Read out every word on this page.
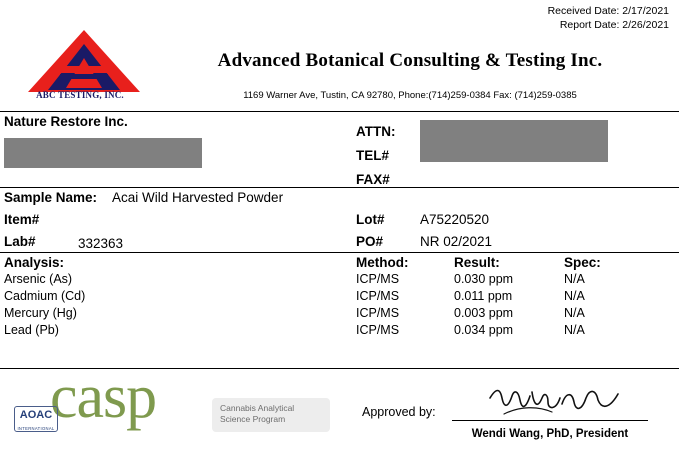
Received Date: 2/17/2021
Report Date: 2/26/2021
ABC TESTING, INC.
Advanced Botanical Consulting & Testing Inc.
1169 Warner Ave, Tustin, CA 92780, Phone:(714)259-0384 Fax: (714)259-0385
Nature Restore Inc.
ATTN:
TEL#
FAX#
Sample Name: Acai Wild Harvested Powder
Item#
Lab#	332363
Lot#	A75220520
PO#	NR 02/2021
Analysis:	Method:	Result:	Spec:
Arsenic (As)	ICP/MS	0.030 ppm	N/A
Cadmium (Cd)	ICP/MS	0.011 ppm	N/A
Mercury (Hg)	ICP/MS	0.003 ppm	N/A
Lead (Pb)	ICP/MS	0.034 ppm	N/A
casp
AOAC
INTERNATIONAL
Cannabis Analytical
Science Program	Approved by:
Wendi Wang, PhD, President
